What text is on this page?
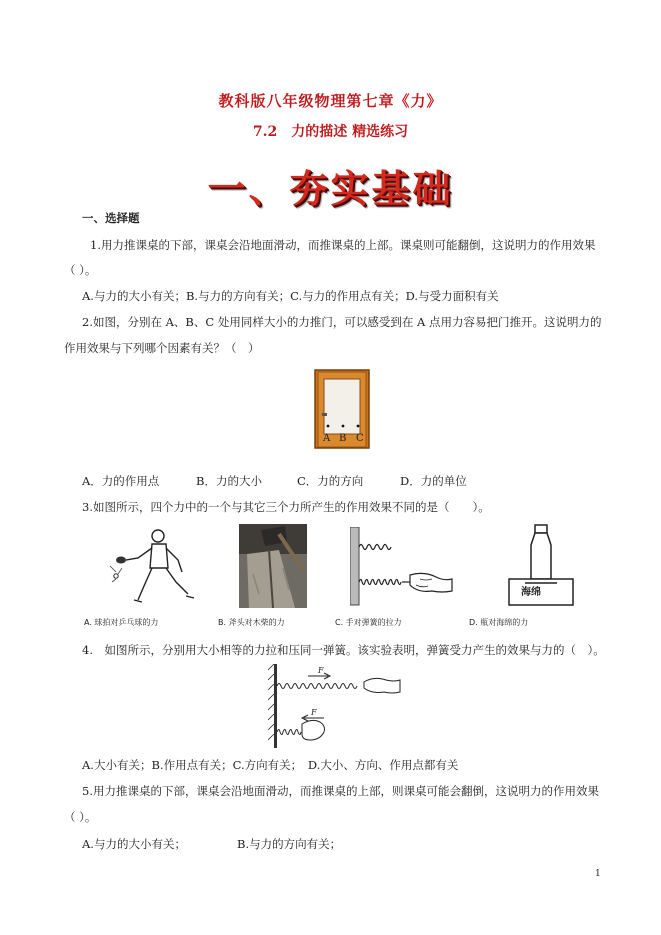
教科版八年级物理第七章《力》
7.2　力的描述 精选练习
一、夯实基础
一、选择题
1.用力推课桌的下部，课桌会沿地面滑动，而推课桌的上部。课桌则可能翻倒，这说明力的作用效果
（ ）。
A.与力的大小有关；B.与力的方向有关；C.与力的作用点有关；D.与受力面积有关
2.如图，分别在 A、B、C 处用同样大小的力推门，可以感受到在 A 点用力容易把门推开。这说明力的
作用效果与下列哪个因素有关？（　）
A B C
A．力的作用点	B．力的大小	C．力的方向	D．力的单位
3.如图所示，四个力中的一个与其它三个力所产生的作用效果不同的是（　　）。
A. 球拍对乒乓球的力	B. 斧头对木柴的力	C. 手对弹簧的拉力
海绵
D. 瓶对海绵的力
4.　如图所示，分别用大小相等的力拉和压同一弹簧。该实验表明，弹簧受力产生的效果与力的（　）。
F
F
A.大小有关；B.作用点有关；C.方向有关；　D.大小、方向、作用点都有关
5.用力推课桌的下部，课桌会沿地面滑动，而推课桌的上部，则课桌可能会翻倒，这说明力的作用效果
（ ）。
A.与力的大小有关；	B.与力的方向有关；
1
